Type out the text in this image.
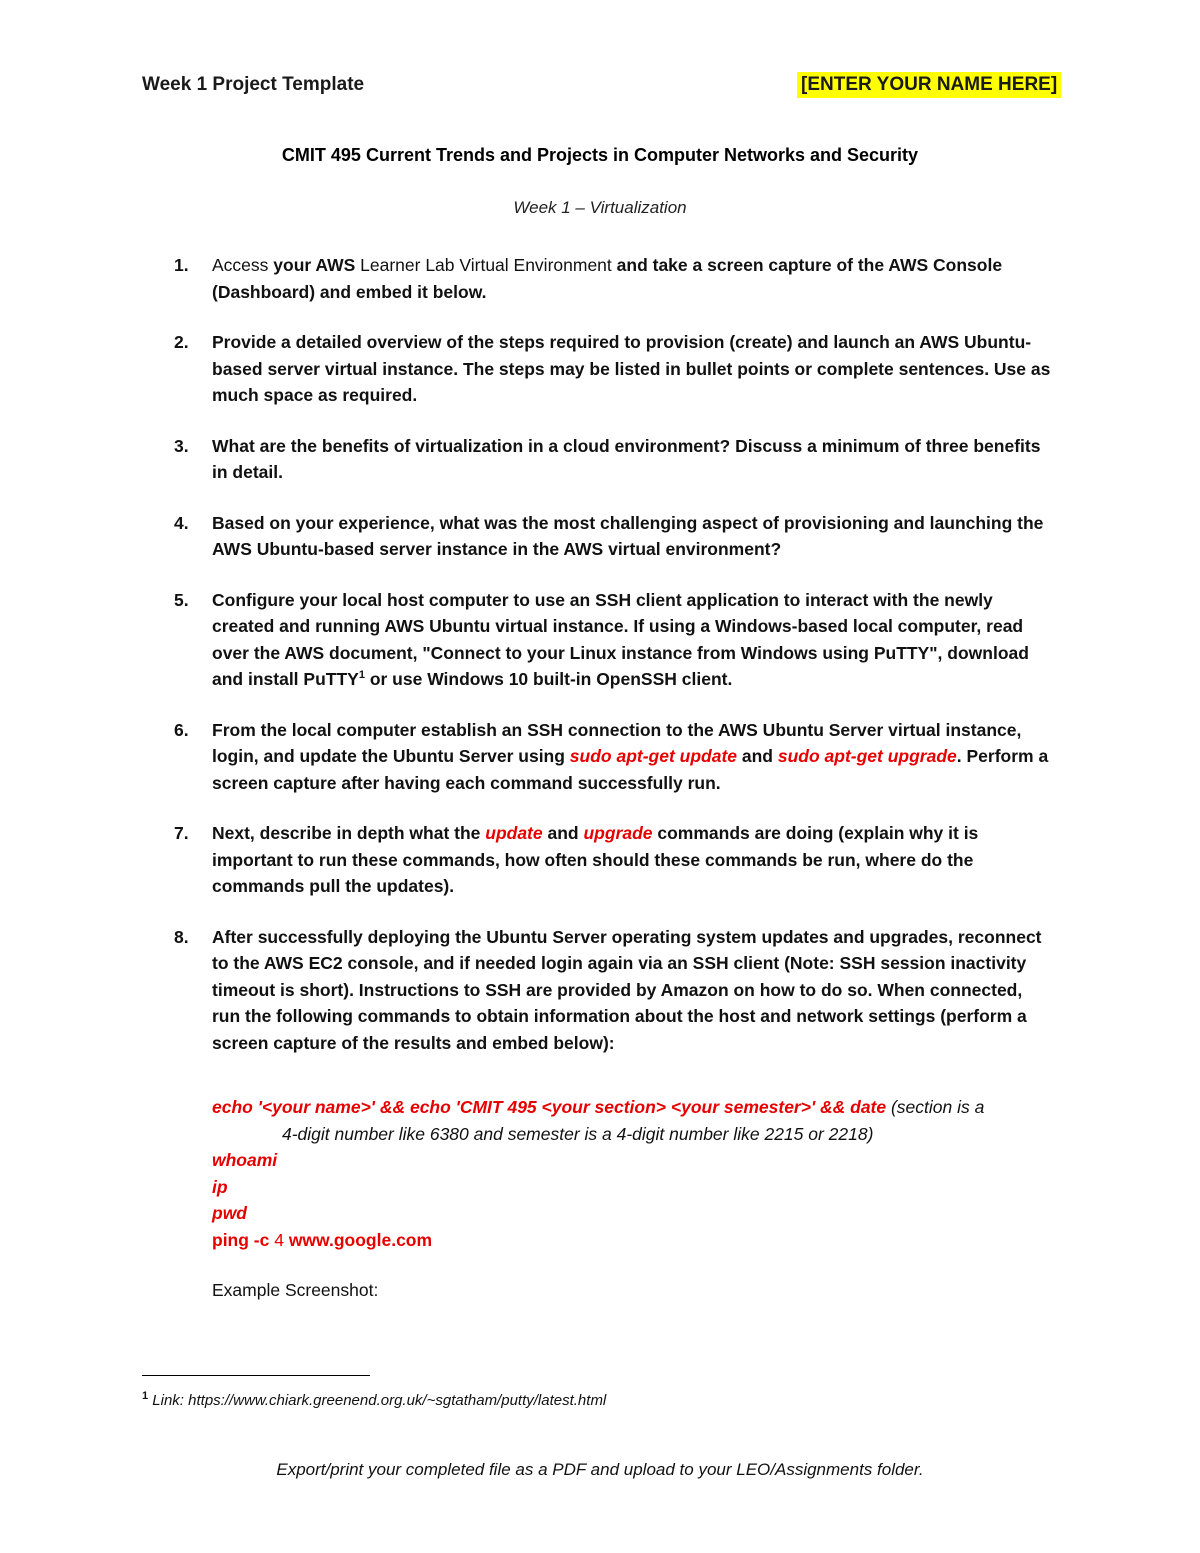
Week 1 Project Template	[ENTER YOUR NAME HERE]
CMIT 495 Current Trends and Projects in Computer Networks and Security
Week 1 – Virtualization
1. Access your AWS Learner Lab Virtual Environment and take a screen capture of the AWS Console (Dashboard) and embed it below.
2. Provide a detailed overview of the steps required to provision (create) and launch an AWS Ubuntu-based server virtual instance. The steps may be listed in bullet points or complete sentences. Use as much space as required.
3. What are the benefits of virtualization in a cloud environment? Discuss a minimum of three benefits in detail.
4. Based on your experience, what was the most challenging aspect of provisioning and launching the AWS Ubuntu-based server instance in the AWS virtual environment?
5. Configure your local host computer to use an SSH client application to interact with the newly created and running AWS Ubuntu virtual instance. If using a Windows-based local computer, read over the AWS document, "Connect to your Linux instance from Windows using PuTTY", download and install PuTTY$^1$ or use Windows 10 built-in OpenSSH client.
6. From the local computer establish an SSH connection to the AWS Ubuntu Server virtual instance, login, and update the Ubuntu Server using sudo apt-get update and sudo apt-get upgrade. Perform a screen capture after having each command successfully run.
7. Next, describe in depth what the update and upgrade commands are doing (explain why it is important to run these commands, how often should these commands be run, where do the commands pull the updates).
8. After successfully deploying the Ubuntu Server operating system updates and upgrades, reconnect to the AWS EC2 console, and if needed login again via an SSH client (Note: SSH session inactivity timeout is short). Instructions to SSH are provided by Amazon on how to do so. When connected, run the following commands to obtain information about the host and network settings (perform a screen capture of the results and embed below):
echo '<your name>' && echo 'CMIT 495 <your section> <your semester>' && date (section is a
4-digit number like 6380 and semester is a 4-digit number like 2215 or 2218)
whoami
ip
pwd
ping -c 4 www.google.com
Example Screenshot:
$^1$ Link: https://www.chiark.greenend.org.uk/~sgtatham/putty/latest.html
Export/print your completed file as a PDF and upload to your LEO/Assignments folder.
